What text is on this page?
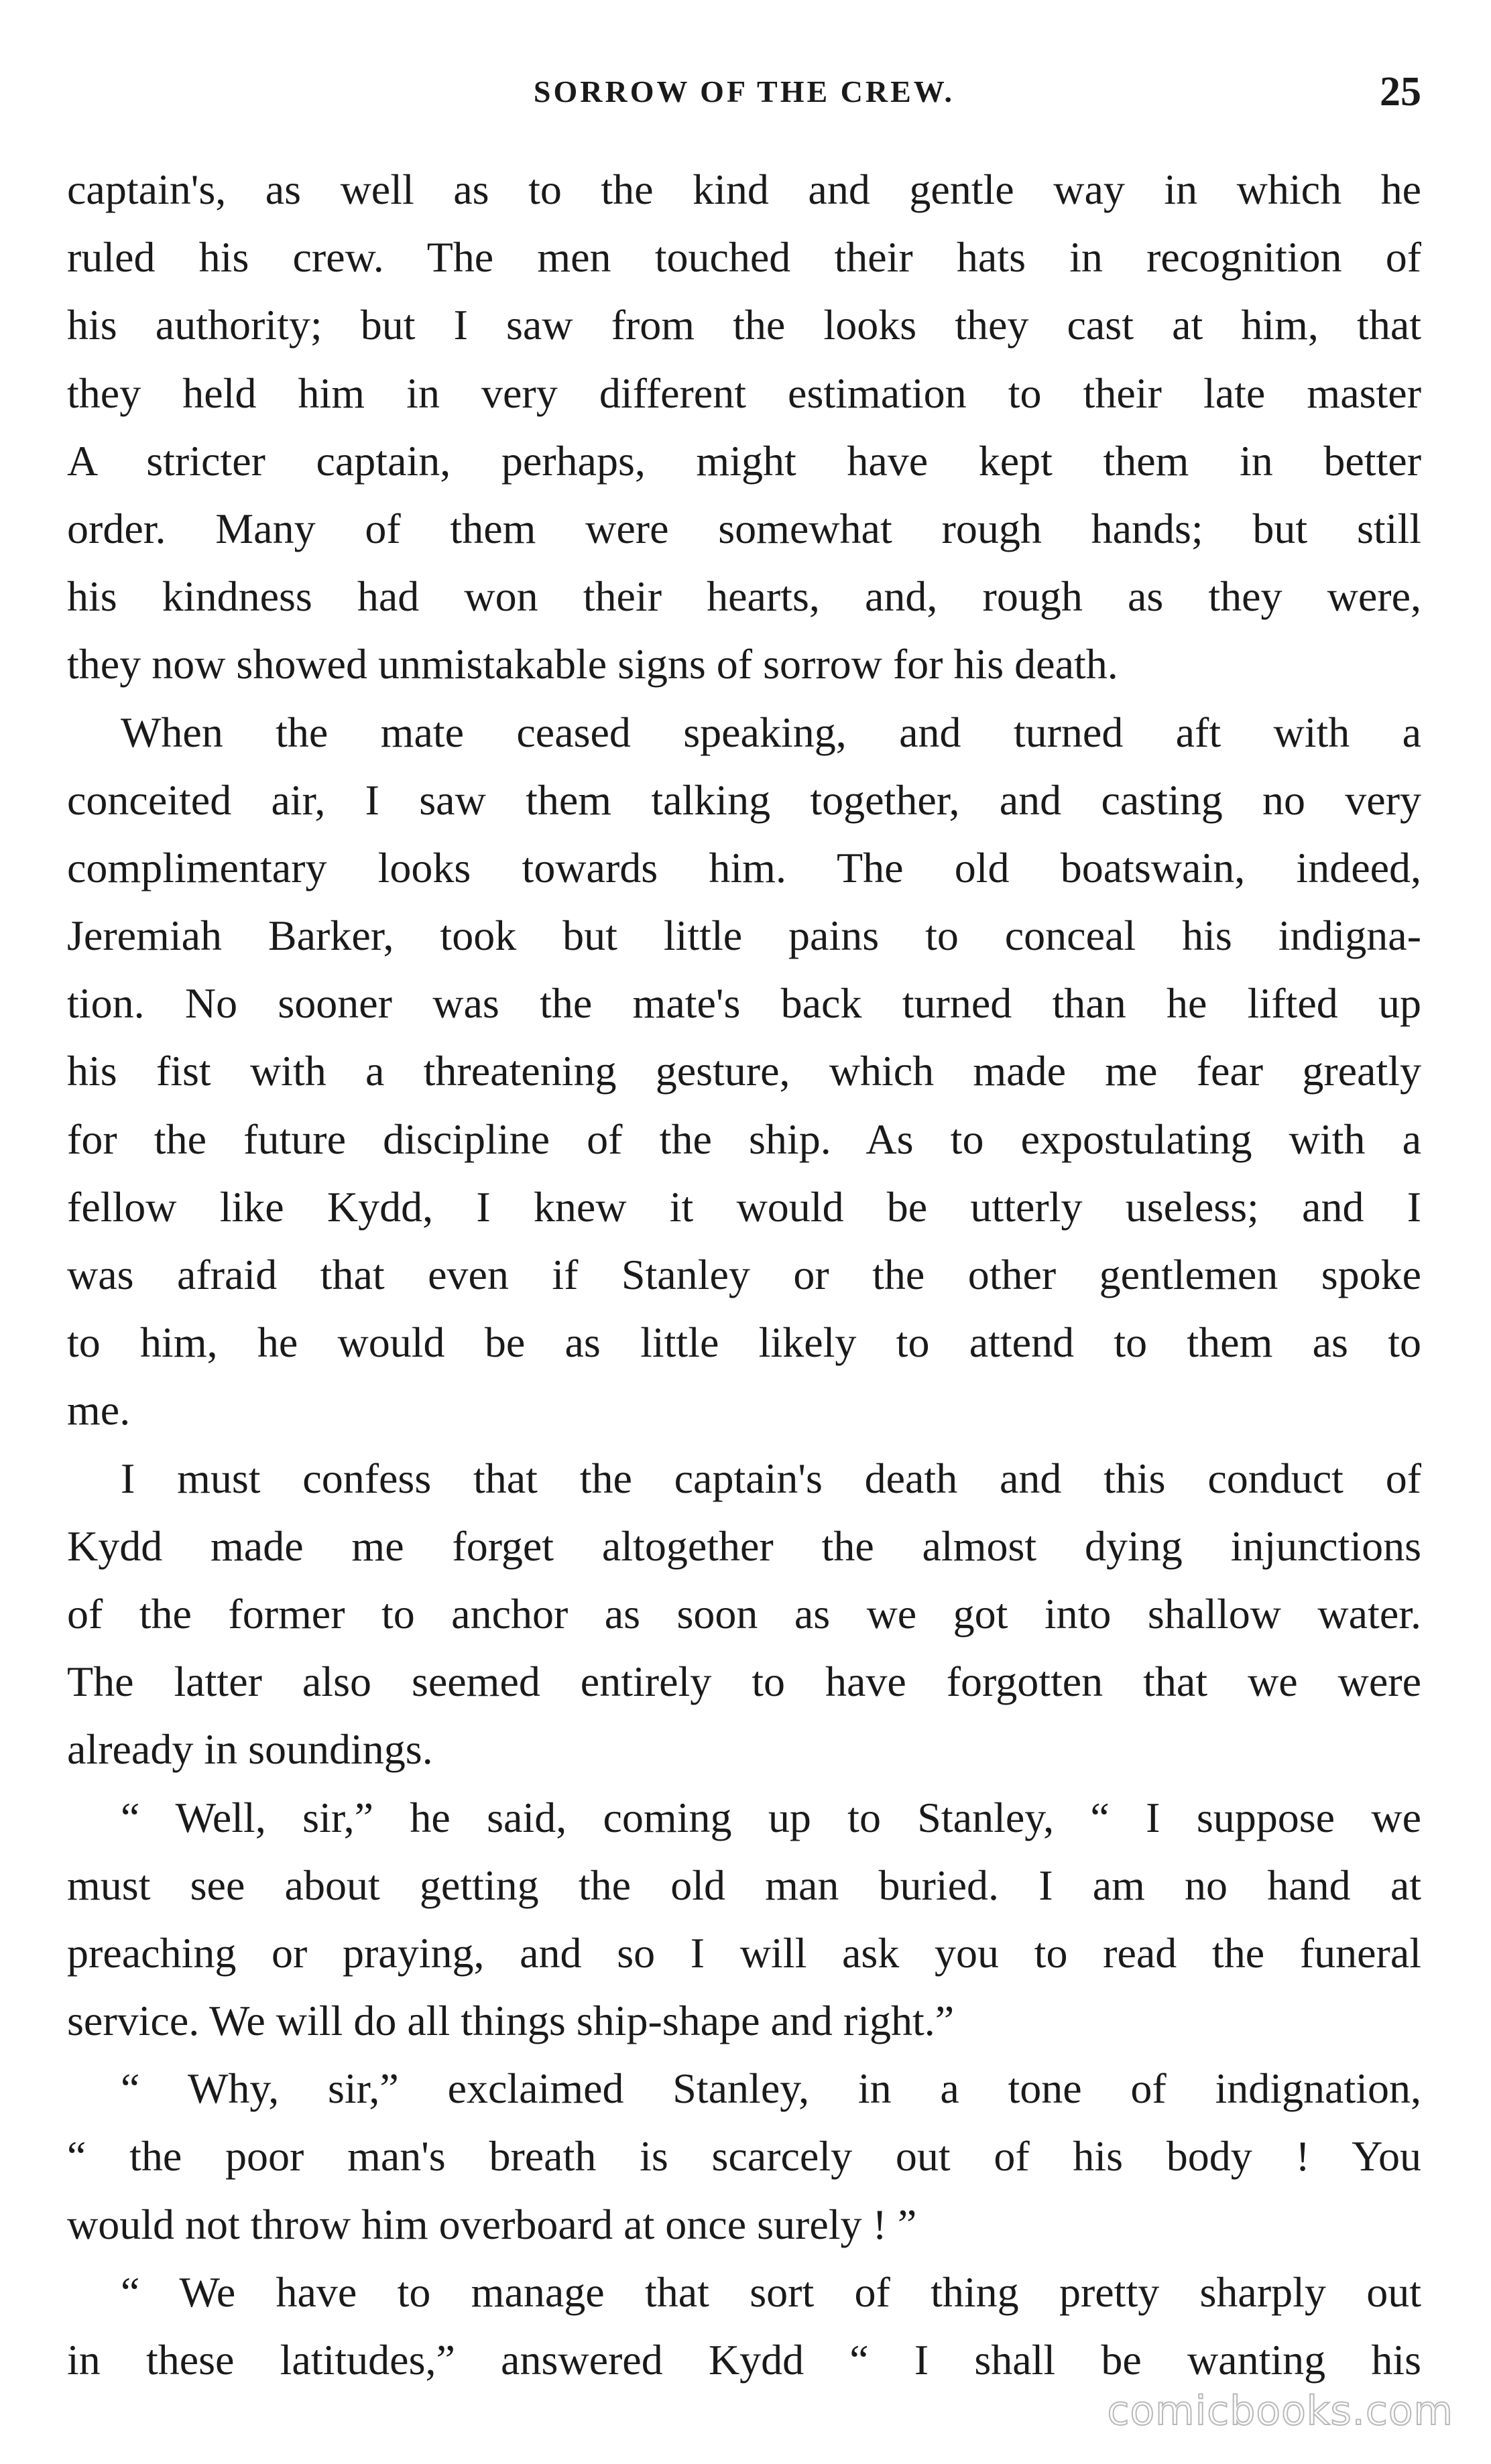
SORROW OF THE CREW.	25
captain's, as well as to the kind and gentle way in which he
ruled his crew. The men touched their hats in recognition of
his authority; but I saw from the looks they cast at him, that
they held him in very different estimation to their late master
A stricter captain, perhaps, might have kept them in better
order. Many of them were somewhat rough hands; but still
his kindness had won their hearts, and, rough as they were,
they now showed unmistakable signs of sorrow for his death.
When the mate ceased speaking, and turned aft with a
conceited air, I saw them talking together, and casting no very
complimentary looks towards him. The old boatswain, indeed,
Jeremiah Barker, took but little pains to conceal his indigna-
tion. No sooner was the mate's back turned than he lifted up
his fist with a threatening gesture, which made me fear greatly
for the future discipline of the ship. As to expostulating with a
fellow like Kydd, I knew it would be utterly useless; and I
was afraid that even if Stanley or the other gentlemen spoke
to him, he would be as little likely to attend to them as to
me.
I must confess that the captain's death and this conduct of
Kydd made me forget altogether the almost dying injunctions
of the former to anchor as soon as we got into shallow water.
The latter also seemed entirely to have forgotten that we were
already in soundings.
“ Well, sir,” he said, coming up to Stanley, “ I suppose we
must see about getting the old man buried. I am no hand at
preaching or praying, and so I will ask you to read the funeral
service. We will do all things ship-shape and right.”
“ Why, sir,” exclaimed Stanley, in a tone of indignation,
“ the poor man's breath is scarcely out of his body ! You
would not throw him overboard at once surely ! ”
“ We have to manage that sort of thing pretty sharply out
in these latitudes,” answered Kydd “ I shall be wanting his
comicbooks.com
